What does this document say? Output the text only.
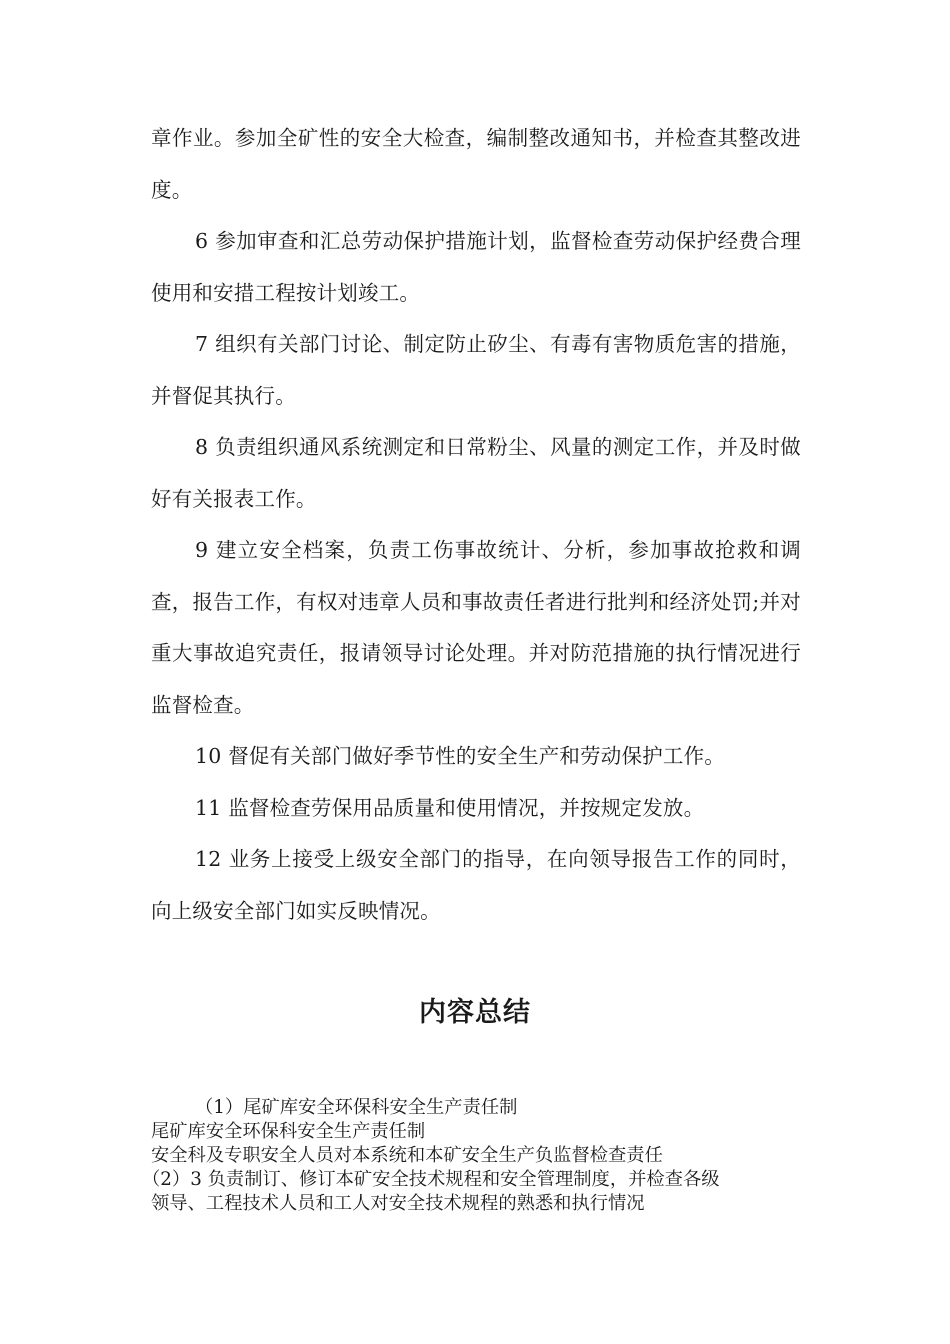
章作业。参加全矿性的安全大检查，编制整改通知书，并检查其整改进度。

6 参加审查和汇总劳动保护措施计划，监督检查劳动保护经费合理使用和安措工程按计划竣工。

7 组织有关部门讨论、制定防止矽尘、有毒有害物质危害的措施，并督促其执行。

8 负责组织通风系统测定和日常粉尘、风量的测定工作，并及时做好有关报表工作。

9 建立安全档案，负责工伤事故统计、分析，参加事故抢救和调查，报告工作，有权对违章人员和事故责任者进行批判和经济处罚;并对重大事故追究责任，报请领导讨论处理。并对防范措施的执行情况进行监督检查。

10 督促有关部门做好季节性的安全生产和劳动保护工作。

11 监督检查劳保用品质量和使用情况，并按规定发放。

12 业务上接受上级安全部门的指导，在向领导报告工作的同时，向上级安全部门如实反映情况。

内容总结

（1）尾矿库安全环保科安全生产责任制

尾矿库安全环保科安全生产责任制

安全科及专职安全人员对本系统和本矿安全生产负监督检查责任

（2）3 负责制订、修订本矿安全技术规程和安全管理制度，并检查各级

领导、工程技术人员和工人对安全技术规程的熟悉和执行情况
